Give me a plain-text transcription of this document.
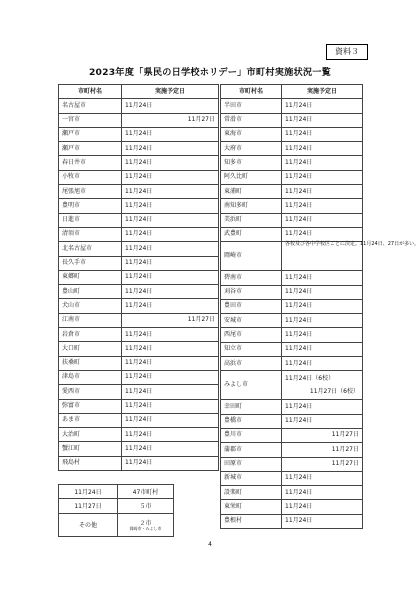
資料３
2023年度「県民の日学校ホリデー」市町村実施状況一覧
市町村名	実施予定日
名古屋市	11月24日
一宮市	11月27日
瀬戸市	11月24日
瀬戸市	11月24日
春日井市	11月24日
小牧市	11月24日
尾張旭市	11月24日
豊明市	11月24日
日進市	11月24日
清須市	11月24日
北名古屋市	11月24日
長久手市	11月24日
東郷町	11月24日
豊山町	11月24日
犬山市	11月24日
江南市	11月27日
岩倉市	11月24日
大口町	11月24日
扶桑町	11月24日
津島市	11月24日
愛西市	11月24日
弥富市	11月24日
あま市	11月24日
大治町	11月24日
蟹江町	11月24日
飛島村	11月24日
市町村名	実施予定日
半田市	11月24日
常滑市	11月24日
東海市	11月24日
大府市	11月24日
知多市	11月24日
阿久比町	11月24日
東浦町	11月24日
南知多町	11月24日
美浜町	11月24日
武豊町	11月24日
岡崎市	各校及び各中学校区ごとに決定。11月24日、27日が多い。
碧南市	11月24日
刈谷市	11月24日
豊田市	11月24日
安城市	11月24日
西尾市	11月24日
知立市	11月24日
高浜市	11月24日
みよし市	11月24日（6校）
11月27日（6校）

幸田町	11月24日
豊橋市	11月24日
豊川市	11月27日
蒲郡市	11月27日
田原市	11月27日
新城市	11月24日
設楽町	11月24日
東栄町	11月24日
豊根村	11月24日
11月24日	47市町村
11月27日	５市
その他	２市
岡崎市・みよし市
4
